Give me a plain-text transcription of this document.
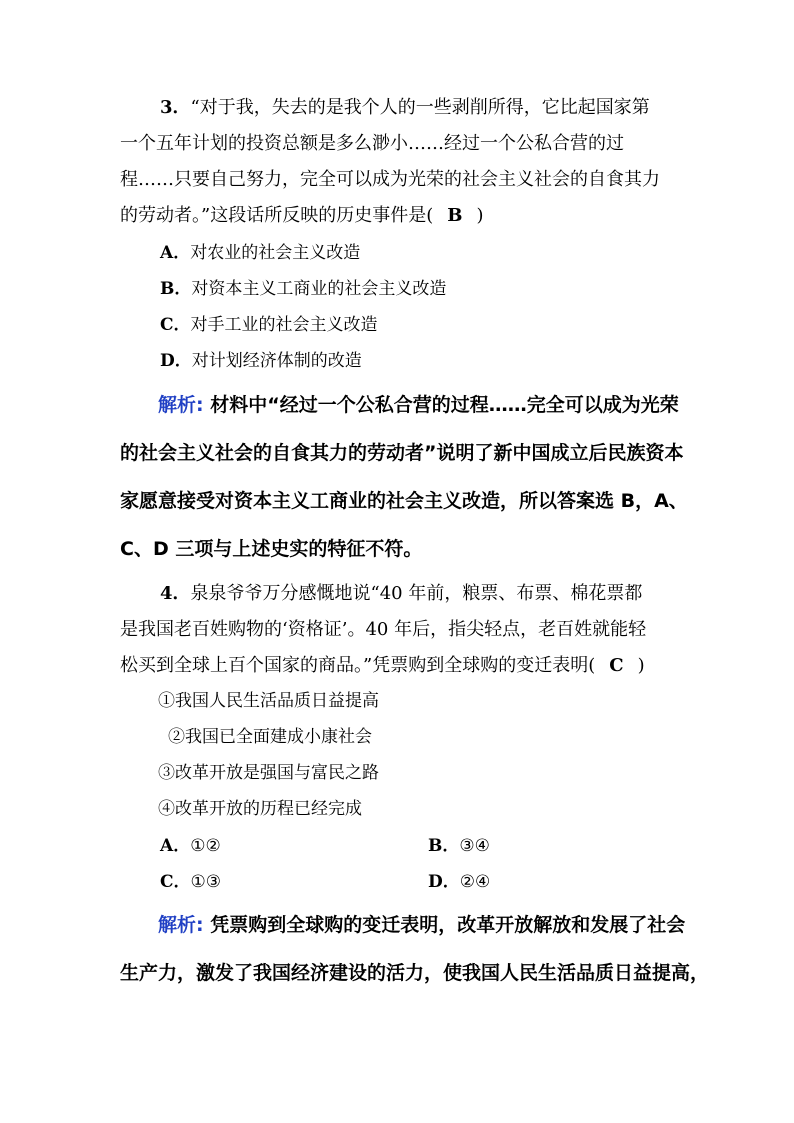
3．“对于我，失去的是我个人的一些剥削所得，它比起国家第
一个五年计划的投资总额是多么渺小……经过一个公私合营的过
程……只要自己努力，完全可以成为光荣的社会主义社会的自食其力
的劳动者。”这段话所反映的历史事件是( B )
A．对农业的社会主义改造
B．对资本主义工商业的社会主义改造
C．对手工业的社会主义改造
D．对计划经济体制的改造
解析: 材料中“经过一个公私合营的过程……完全可以成为光荣
的社会主义社会的自食其力的劳动者”说明了新中国成立后民族资本
家愿意接受对资本主义工商业的社会主义改造，所以答案选 B，A、
C、D 三项与上述史实的特征不符。
4．泉泉爷爷万分感慨地说“40 年前，粮票、布票、棉花票都
是我国老百姓购物的‘资格证’。40 年后，指尖轻点，老百姓就能轻
松买到全球上百个国家的商品。”凭票购到全球购的变迁表明( C )
①我国人民生活品质日益提高
②我国已全面建成小康社会
③改革开放是强国与富民之路
④改革开放的历程已经完成
A．①②	B．③④
C．①③	D．②④
解析: 凭票购到全球购的变迁表明，改革开放解放和发展了社会
生产力，激发了我国经济建设的活力，使我国人民生活品质日益提高，
